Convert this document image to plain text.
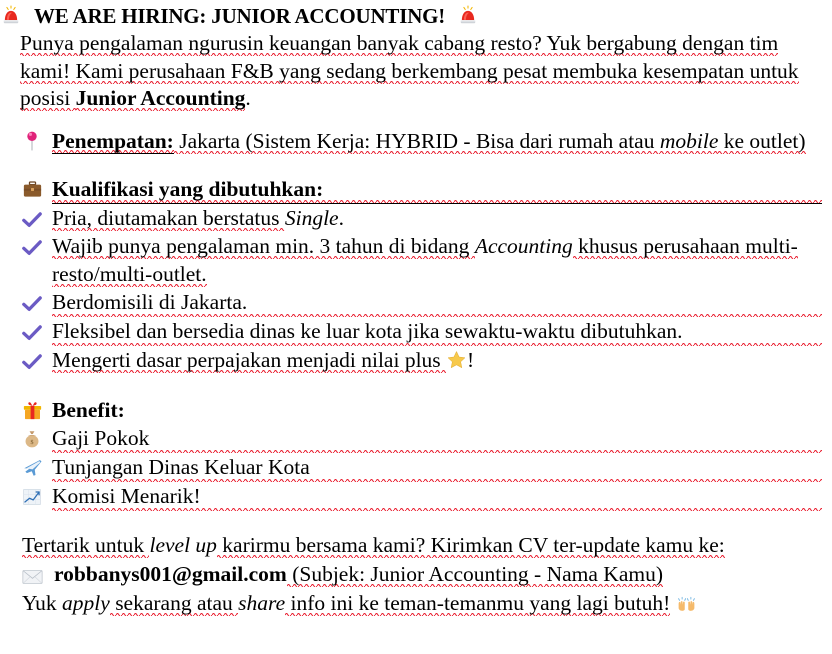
WE ARE HIRING: JUNIOR ACCOUNTING!
Punya pengalaman ngurusin keuangan banyak cabang resto? Yuk bergabung dengan tim kami! Kami perusahaan F&B yang sedang berkembang pesat membuka kesempatan untuk posisi Junior Accounting.
Penempatan: Jakarta (Sistem Kerja: HYBRID - Bisa dari rumah atau mobile ke outlet)
Kualifikasi yang dibutuhkan:
Pria, diutamakan berstatus Single.
Wajib punya pengalaman min. 3 tahun di bidang Accounting khusus perusahaan multi-resto/multi-outlet.
Berdomisili di Jakarta.
Fleksibel dan bersedia dinas ke luar kota jika sewaktu-waktu dibutuhkan.
Mengerti dasar perpajakan menjadi nilai plus !
Benefit:
$ Gaji Pokok
Tunjangan Dinas Keluar Kota
Komisi Menarik!
Tertarik untuk level up karirmu bersama kami? Kirimkan CV ter-update kamu ke:
robbanys001@gmail.com (Subjek: Junior Accounting - Nama Kamu)
Yuk apply sekarang atau share info ini ke teman-temanmu yang lagi butuh!
